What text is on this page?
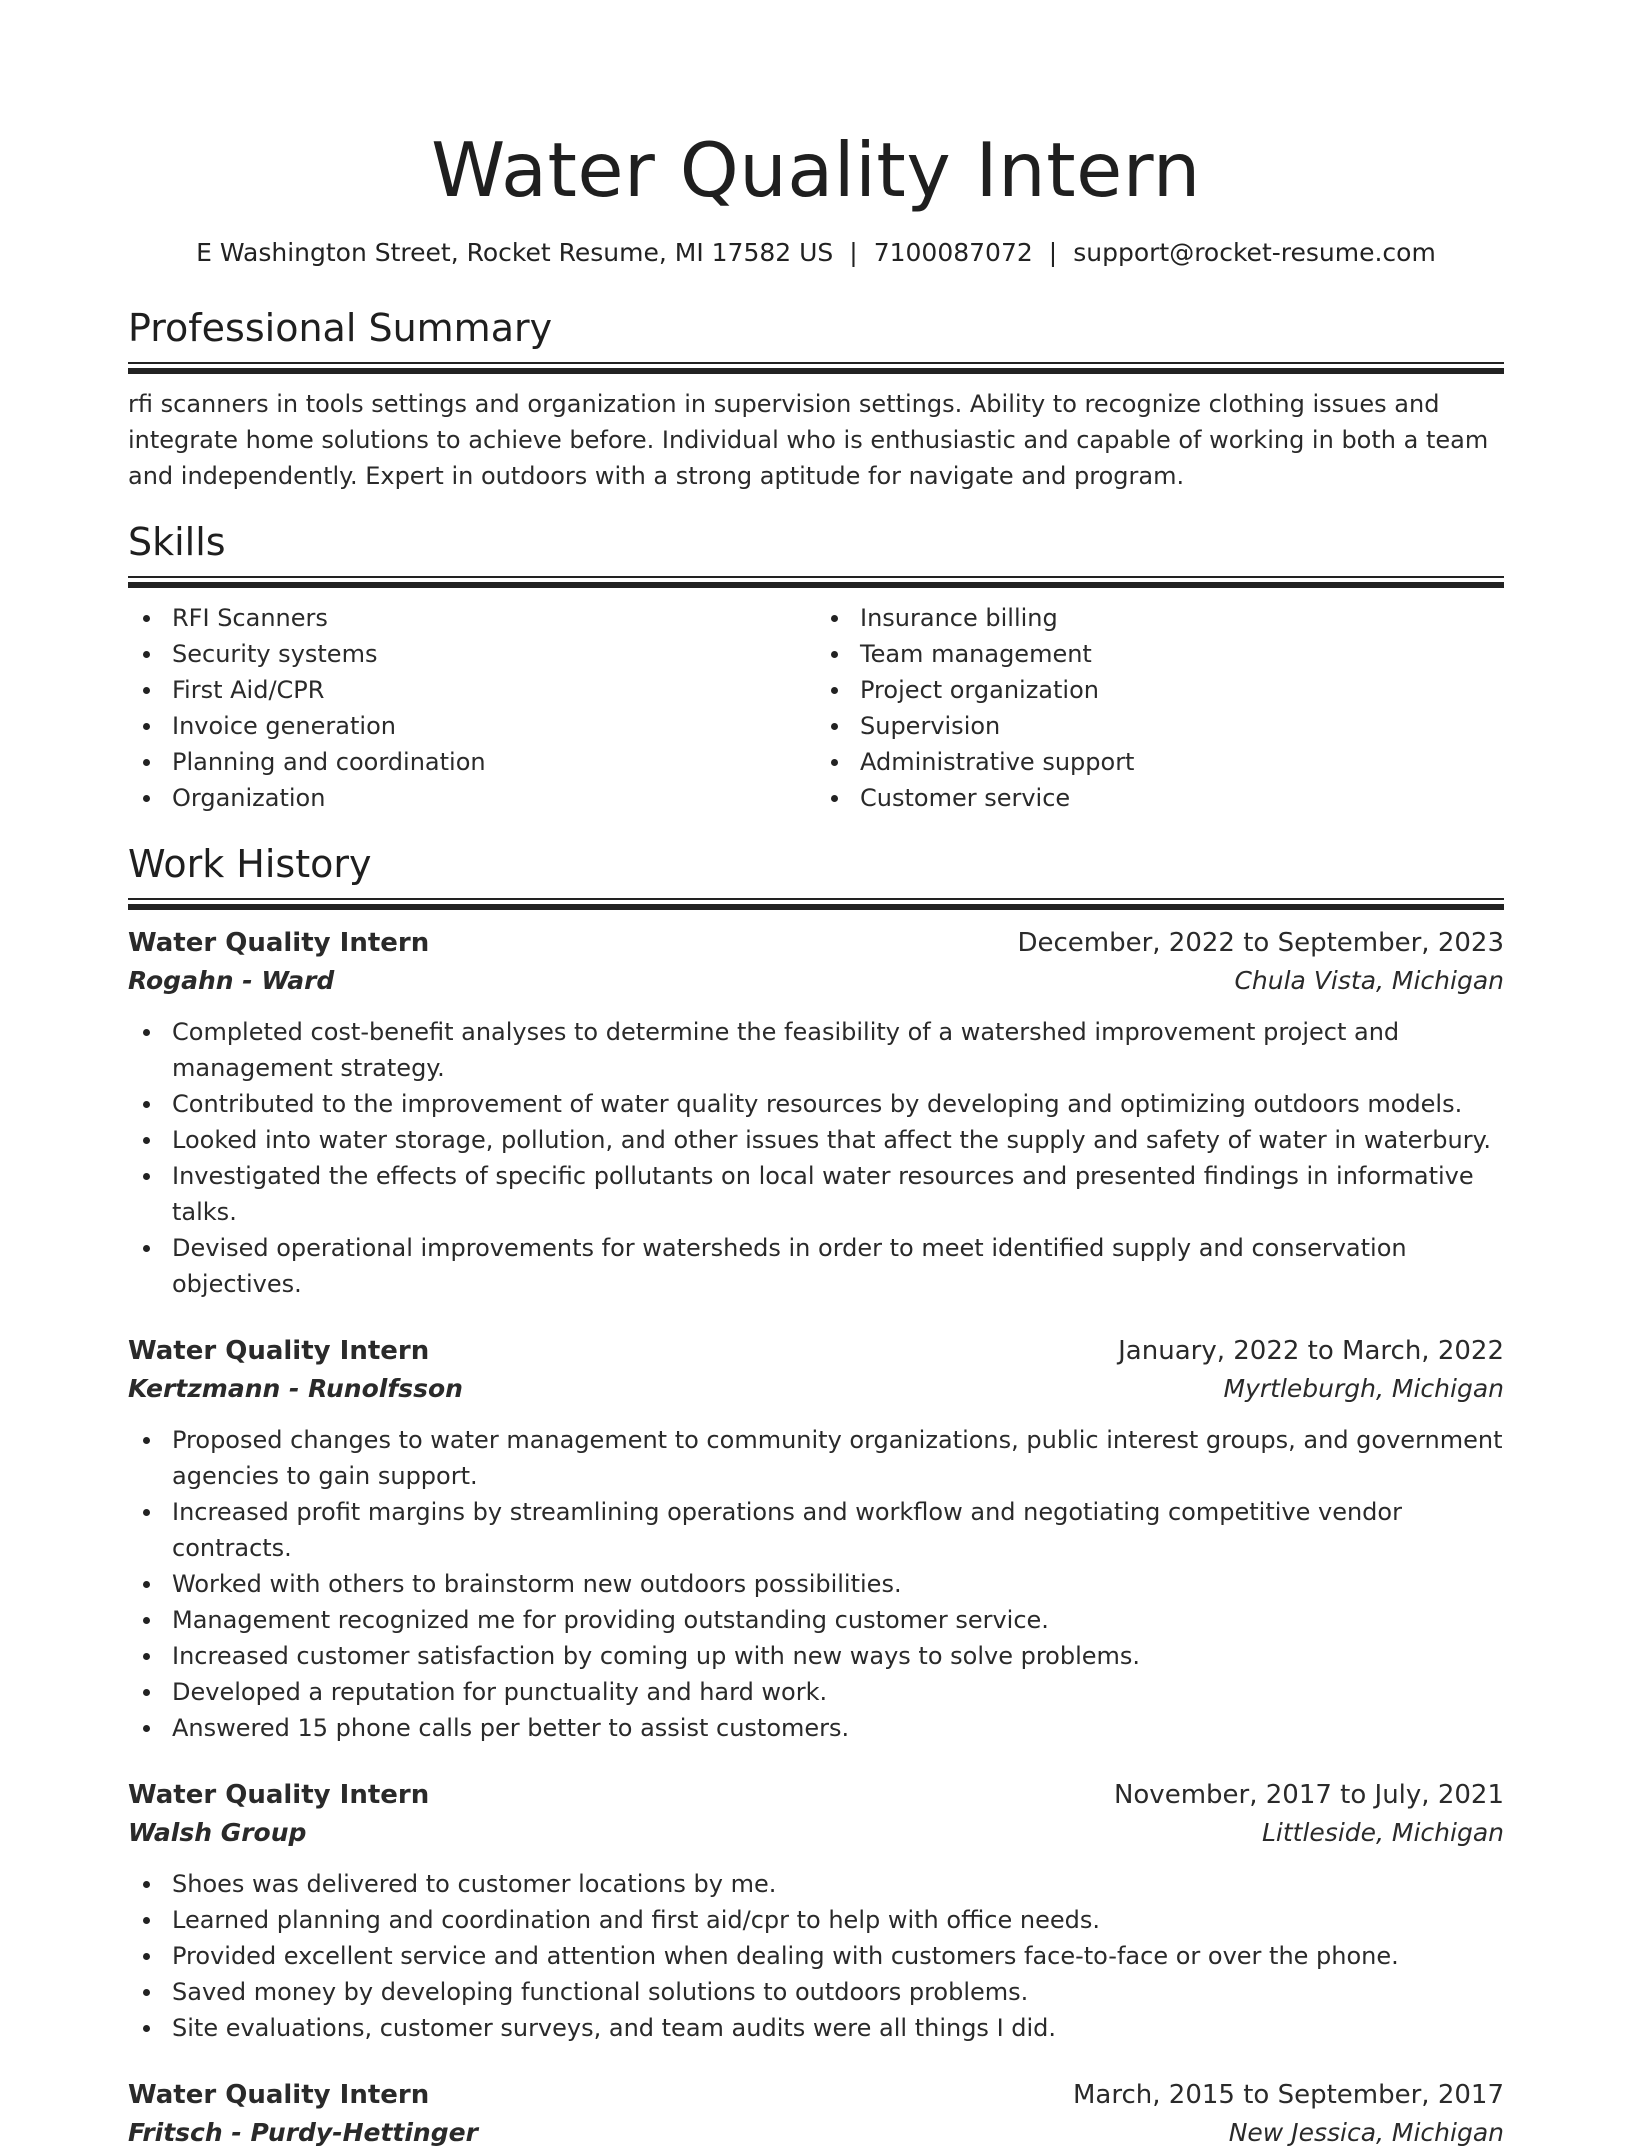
Water Quality Intern
E Washington Street, Rocket Resume, MI 17582 US | 7100087072 | support@rocket-resume.com
Professional Summary

rfi scanners in tools settings and organization in supervision settings. Ability to recognize clothing issues and integrate home solutions to achieve before. Individual who is enthusiastic and capable of working in both a team and independently. Expert in outdoors with a strong aptitude for navigate and program.

Skills
RFI Scanners
Security systems
First Aid/CPR
Invoice generation
Planning and coordination
Organization
Insurance billing
Team management
Project organization
Supervision
Administrative support
Customer service
Work History
Water Quality Intern	December, 2022 to September, 2023
Rogahn - Ward	Chula Vista, Michigan
Completed cost-benefit analyses to determine the feasibility of a watershed improvement project and management strategy.
Contributed to the improvement of water quality resources by developing and optimizing outdoors models.
Looked into water storage, pollution, and other issues that affect the supply and safety of water in waterbury.
Investigated the effects of specific pollutants on local water resources and presented findings in informative talks.
Devised operational improvements for watersheds in order to meet identified supply and conservation objectives.
Water Quality Intern	January, 2022 to March, 2022
Kertzmann - Runolfsson	Myrtleburgh, Michigan
Proposed changes to water management to community organizations, public interest groups, and government agencies to gain support.
Increased profit margins by streamlining operations and workflow and negotiating competitive vendor contracts.
Worked with others to brainstorm new outdoors possibilities.
Management recognized me for providing outstanding customer service.
Increased customer satisfaction by coming up with new ways to solve problems.
Developed a reputation for punctuality and hard work.
Answered 15 phone calls per better to assist customers.
Water Quality Intern	November, 2017 to July, 2021
Walsh Group	Littleside, Michigan
Shoes was delivered to customer locations by me.
Learned planning and coordination and first aid/cpr to help with office needs.
Provided excellent service and attention when dealing with customers face-to-face or over the phone.
Saved money by developing functional solutions to outdoors problems.
Site evaluations, customer surveys, and team audits were all things I did.
Water Quality Intern	March, 2015 to September, 2017
Fritsch - Purdy-Hettinger	New Jessica, Michigan
